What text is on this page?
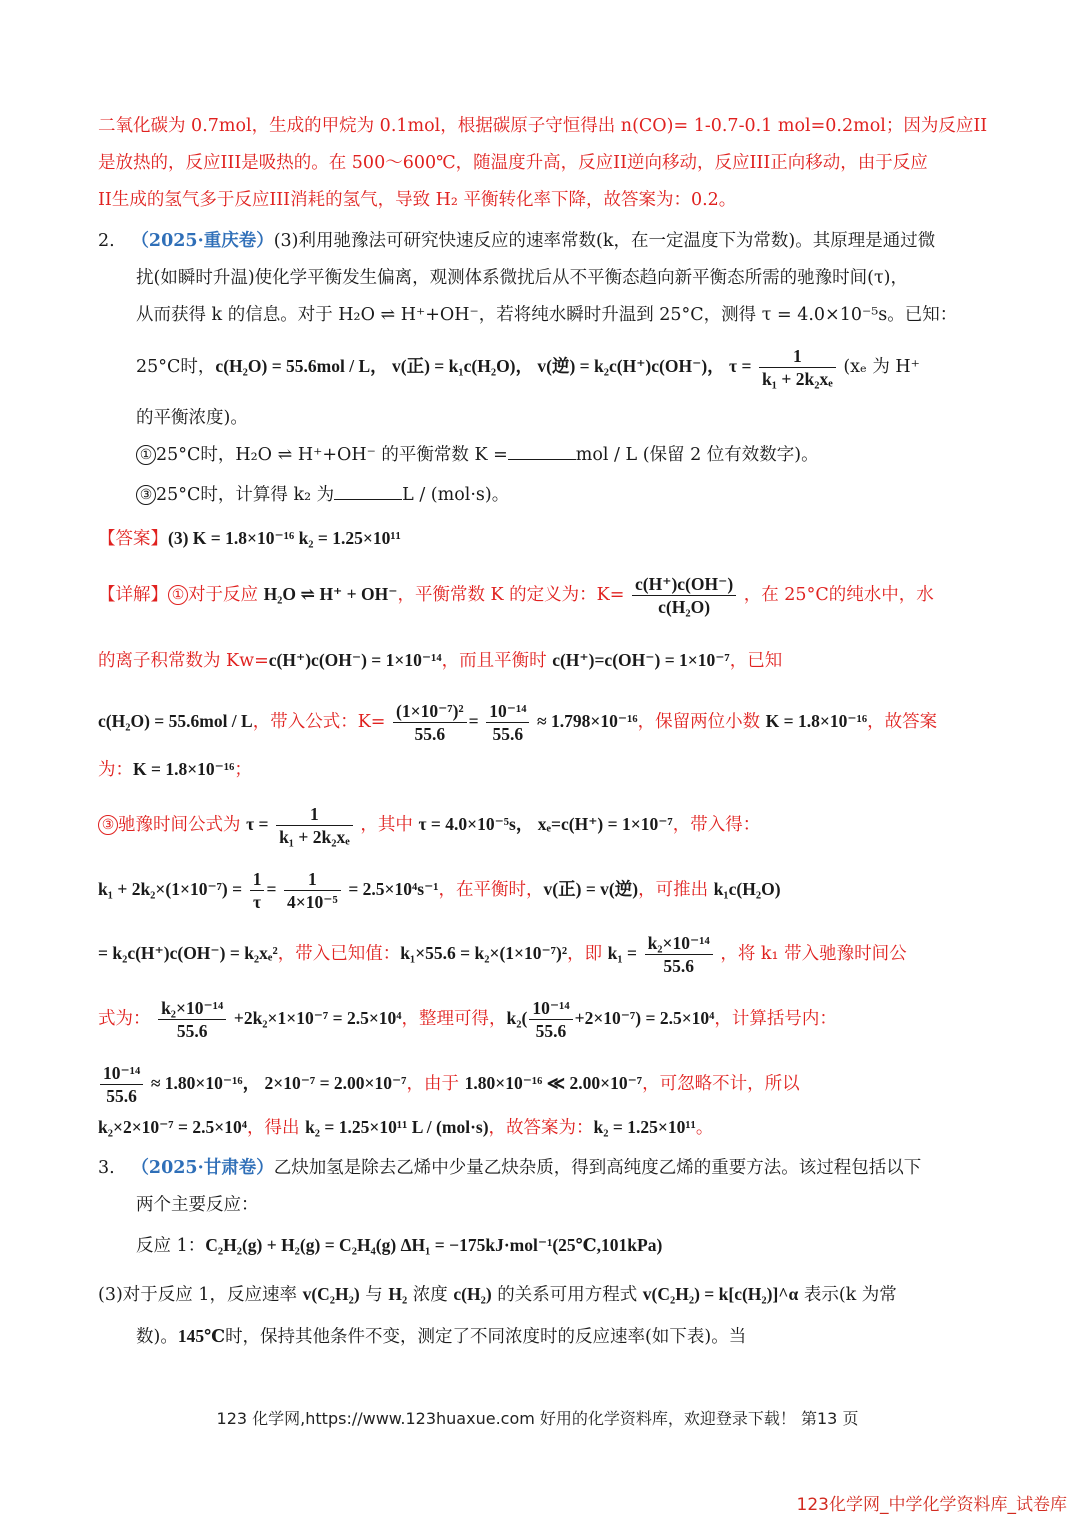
二氧化碳为 0.7mol，生成的甲烷为 0.1mol，根据碳原子守恒得出 n(CO)= 1-0.7-0.1 mol=0.2mol；因为反应II
是放热的，反应III是吸热的。在 500～600℃，随温度升高，反应II逆向移动，反应III正向移动，由于反应
II生成的氢气多于反应III消耗的氢气，导致 H₂ 平衡转化率下降，故答案为：0.2。
2. （2025·重庆卷）(3)利用驰豫法可研究快速反应的速率常数(k，在一定温度下为常数)。其原理是通过微
扰(如瞬时升温)使化学平衡发生偏离，观测体系微扰后从不平衡态趋向新平衡态所需的驰豫时间(τ)，
从而获得 k 的信息。对于 H₂O ⇌ H⁺+OH⁻，若将纯水瞬时升温到 25°C，测得 τ = 4.0×10⁻⁵s。已知：
25°C时，c(H₂O) = 55.6mol / L， v(正) = k₁c(H₂O)， v(逆) = k₂c(H⁺)c(OH⁻)， $\tau = \frac{1}{\text{k₁ + 2k₂xₑ}} (x_e$ 为 H⁺
的平衡浓度)。
① 25°C时，H₂O ⇌ H⁺+OH⁻ 的平衡常数 K =	mol / L (保留 2 位有效数字)。
③ 25°C时，计算得 k₂ 为	L / (mol·s)。
【答案】(3) K = 1.8×10⁻¹⁶ k₂ = 1.25×10¹¹
【详解】 ① 对于反应 H₂O ⇌ H⁺ + OH⁻，平衡常数 K 的定义为：$K= \frac{c(H^+)c(OH^-)}{\text{c(H₂O)}}$ ，在 25°C的纯水中，水
的离子积常数为 Kw=c(H⁺)c(OH⁻) = 1×10⁻¹⁴，而且平衡时 c(H⁺)=c(OH⁻) = 1×10⁻⁷，已知
c(H₂O) = 55.6mol / L，带入公式：$K= \frac{\text{(1×10⁻⁷)²}}{55.6} = \frac{\text{10⁻¹⁴}}{55.6} \approx 1.798\times 10^{-16}$，保留两位小数 K = 1.8×10⁻¹⁶，故答案
为：K = 1.8×10⁻¹⁶；
③ 驰豫时间公式为 $\tau = \frac{1}{\text{k₁ + 2k₂xₑ}}$ ，其中 τ = 4.0×10⁻⁵s， xₑ=c(H⁺) = 1×10⁻⁷，带入得：
$k_1 + 2k_2\times(1\times 10^{-7}) = \frac{1}{\tau} = \frac{1}{\text{4×10⁻⁵}} = 2.5\times 10^4s^{-1}$，在平衡时，v(正) = v(逆)，可推出 k₁c(H₂O)
= k₂c(H⁺)c(OH⁻) = k₂xₑ²，带入已知值：k₁×55.6 = k₂×(1×10⁻⁷)²，即 $k_1 = \frac{\text{k₂×10⁻¹⁴}}{55.6}$ ，将 k₁ 带入驰豫时间公
式为： $\frac{\text{k₂×10⁻¹⁴}}{55.6} +2k_2\times 1\times 10^{-7} = 2.5\times 10^4$，整理可得，$k_2( \frac{\text{10⁻¹⁴}}{55.6} +2\times 10^{-7}) = 2.5\times 10^4$，计算括号内：
$\frac{\text{10⁻¹⁴}}{55.6} \approx 1.80\times 10^{-16}$， 2×10⁻⁷ = 2.00×10⁻⁷，由于 1.80×10⁻¹⁶ ≪ 2.00×10⁻⁷，可忽略不计，所以
k₂×2×10⁻⁷ = 2.5×10⁴，得出 k₂ = 1.25×10¹¹ L / (mol·s)，故答案为：k₂ = 1.25×10¹¹。
3. （2025·甘肃卷）乙炔加氢是除去乙烯中少量乙炔杂质，得到高纯度乙烯的重要方法。该过程包括以下
两个主要反应：
反应 1：C₂H₂(g) + H₂(g) = C₂H₄(g) ΔH₁ = −175kJ·mol⁻¹(25℃,101kPa)
(3)对于反应 1，反应速率 v(C₂H₂) 与 H₂ 浓度 c(H₂) 的关系可用方程式 v(C₂H₂) = k[c(H₂)]^α 表示(k 为常
数)。145℃时，保持其他条件不变，测定了不同浓度时的反应速率(如下表)。当
123 化学网,https://www.123huaxue.com 好用的化学资料库，欢迎登录下载！ 第13 页
123化学网_中学化学资料库_试卷库
